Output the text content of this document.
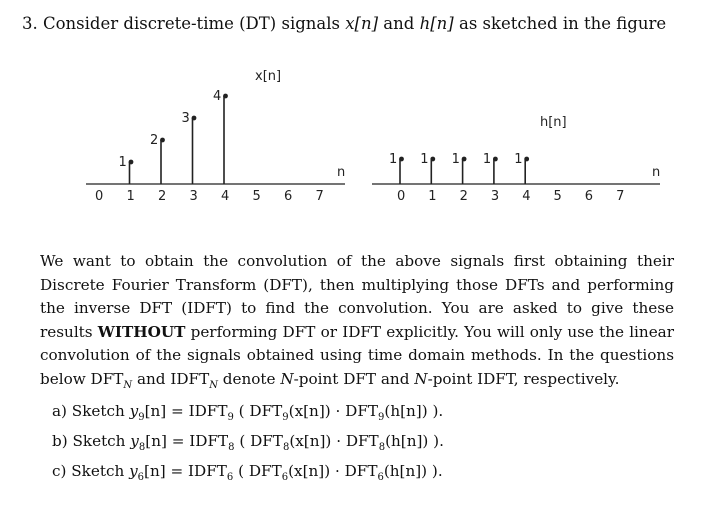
3. Consider discrete-time (DT) signals x[n] and h[n] as sketched in the figure
n
0 1 2 3 4 5 6 7
1
2
3
4
x[n]
n
0 1 2 3 4 5 6 7
1 1 1 1 1
h[n]
We want to obtain the convolution of the above signals first obtaining their Discrete Fourier Transform (DFT), then multiplying those DFTs and performing the inverse DFT (IDFT) to find the convolution. You are asked to give these results WITHOUT performing DFT or IDFT explicitly. You will only use the linear convolution of the signals obtained using time domain methods. In the questions below $DFT_N$ and $IDFT_N$ denote N-point DFT and N-point IDFT, respectively.
a) Sketch $y_9[n]$ = $IDFT_9$ ( $DFT_9(x[n]) \cdot DFT_9(h[n])$ ).
b) Sketch $y_8[n]$ = $IDFT_8$ ( $DFT_8(x[n]) \cdot DFT_8(h[n])$ ).
c) Sketch $y_6[n]$ = $IDFT_6$ ( $DFT_6(x[n]) \cdot DFT_6(h[n])$ ).
